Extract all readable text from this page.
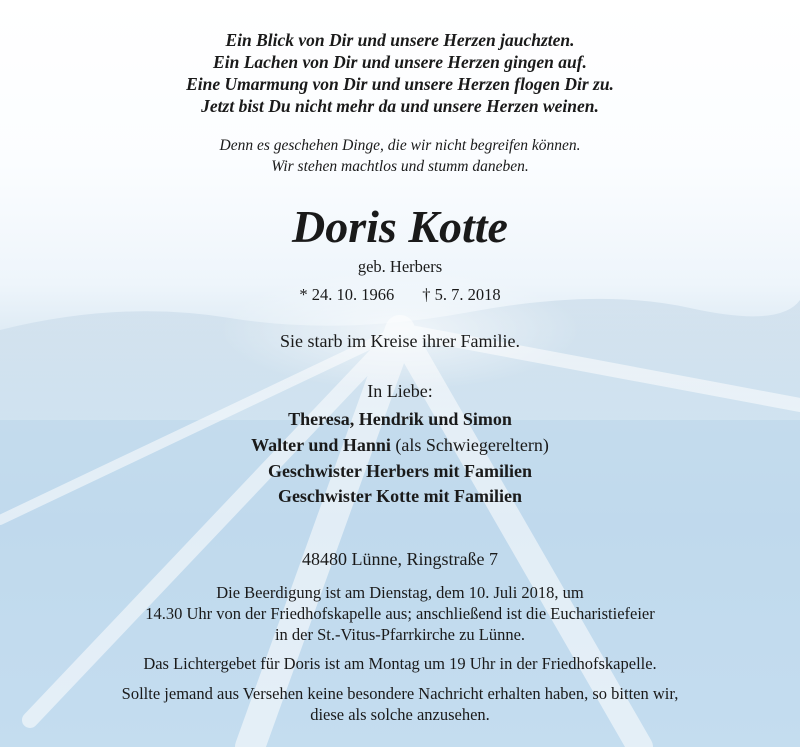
Ein Blick von Dir und unsere Herzen jauchzten.
Ein Lachen von Dir und unsere Herzen gingen auf.
Eine Umarmung von Dir und unsere Herzen flogen Dir zu.
Jetzt bist Du nicht mehr da und unsere Herzen weinen.
Denn es geschehen Dinge, die wir nicht begreifen können.
Wir stehen machtlos und stumm daneben.
Doris Kotte
geb. Herbers
* 24. 10. 1966 † 5. 7. 2018
Sie starb im Kreise ihrer Familie.
In Liebe:
Theresa, Hendrik und Simon
Walter und Hanni (als Schwiegereltern)
Geschwister Herbers mit Familien
Geschwister Kotte mit Familien
48480 Lünne, Ringstraße 7
Die Beerdigung ist am Dienstag, dem 10. Juli 2018, um
14.30 Uhr von der Friedhofskapelle aus; anschließend ist die Eucharistiefeier
in der St.-Vitus-Pfarrkirche zu Lünne.
Das Lichtergebet für Doris ist am Montag um 19 Uhr in der Friedhofskapelle.
Sollte jemand aus Versehen keine besondere Nachricht erhalten haben, so bitten wir,
diese als solche anzusehen.
